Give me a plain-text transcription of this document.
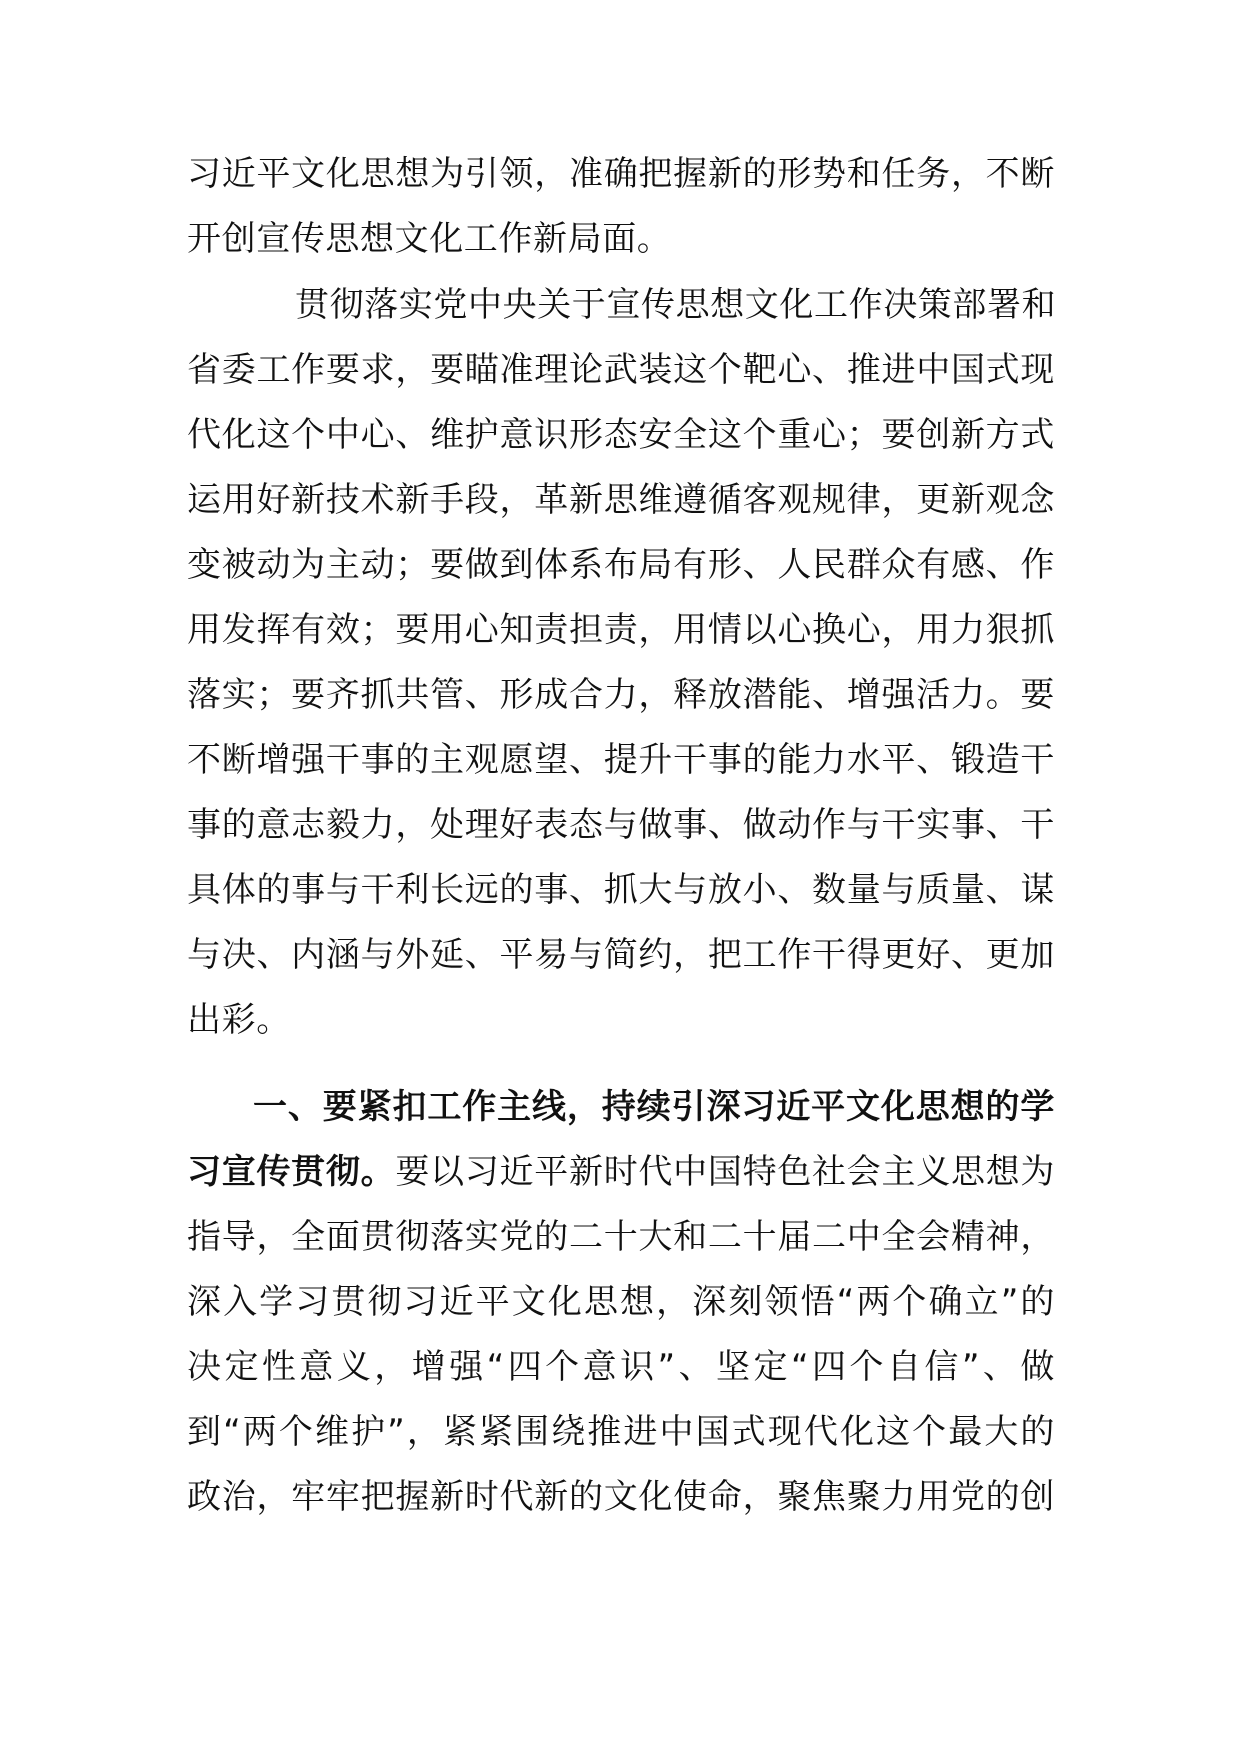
习近平文化思想为引领，准确把握新的形势和任务，不断
开创宣传思想文化工作新局面。
贯彻落实党中央关于宣传思想文化工作决策部署和
省委工作要求，要瞄准理论武装这个靶心、推进中国式现
代化这个中心、维护意识形态安全这个重心；要创新方式
运用好新技术新手段，革新思维遵循客观规律，更新观念
变被动为主动；要做到体系布局有形、人民群众有感、作
用发挥有效；要用心知责担责，用情以心换心，用力狠抓
落实；要齐抓共管、形成合力，释放潜能、增强活力。要
不断增强干事的主观愿望、提升干事的能力水平、锻造干
事的意志毅力，处理好表态与做事、做动作与干实事、干
具体的事与干利长远的事、抓大与放小、数量与质量、谋
与决、内涵与外延、平易与简约，把工作干得更好、更加
出彩。
一、要紧扣工作主线，持续引深习近平文化思想的学
习宣传贯彻。要以习近平新时代中国特色社会主义思想为
指导，全面贯彻落实党的二十大和二十届二中全会精神，
深入学习贯彻习近平文化思想，深刻领悟“两个确立”的
决定性意义，增强“四个意识”、坚定“四个自信”、做
到“两个维护”，紧紧围绕推进中国式现代化这个最大的
政治，牢牢把握新时代新的文化使命，聚焦聚力用党的创
